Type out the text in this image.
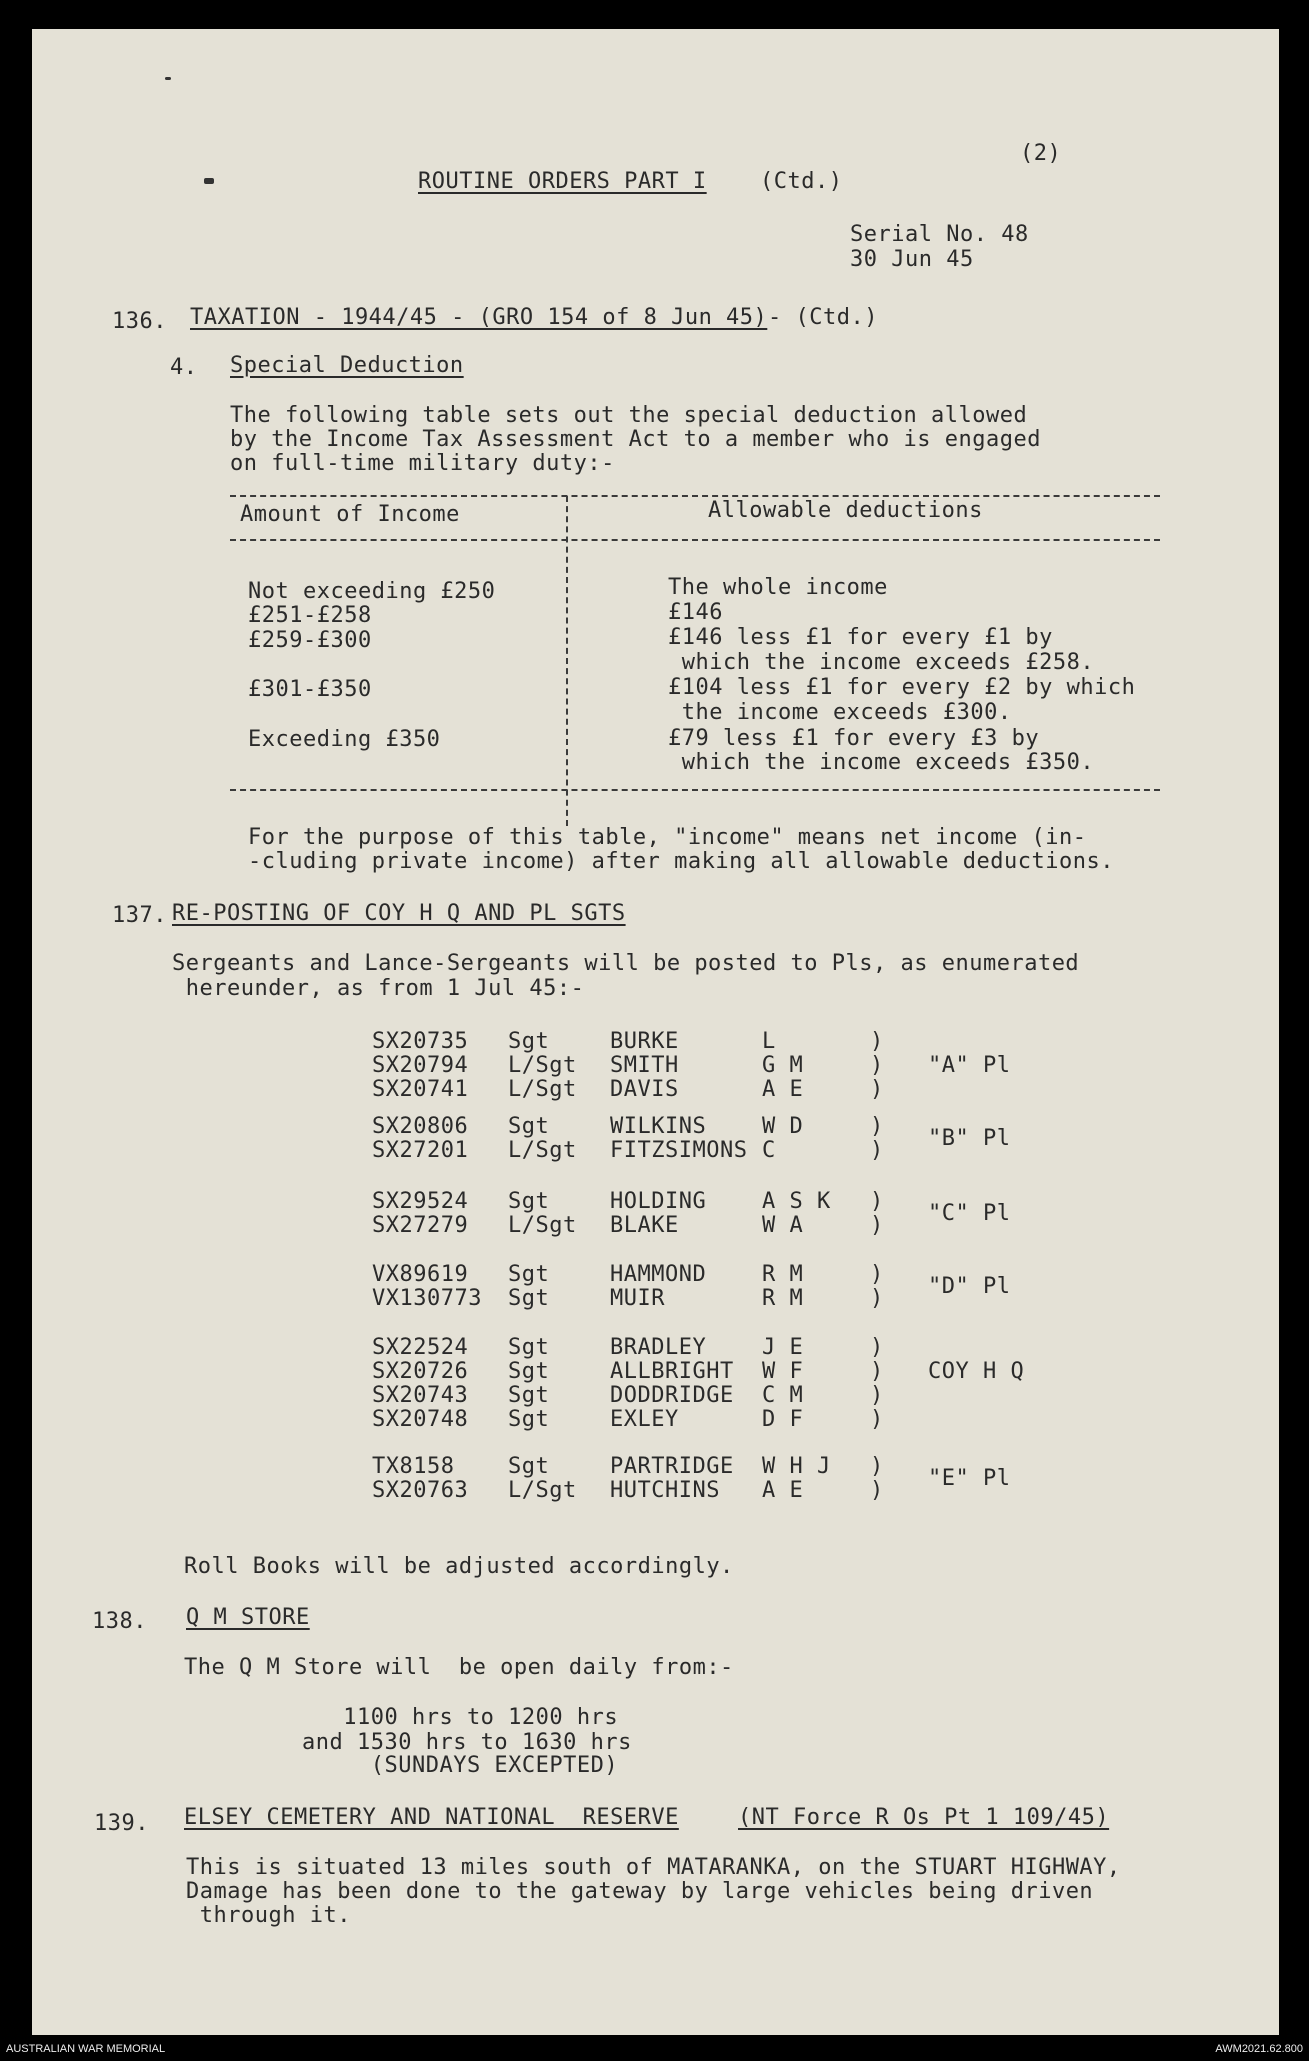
(2)
ROUTINE ORDERS PART I (Ctd.)
Serial No. 48
30 Jun 45
136. TAXATION - 1944/45 - (GRO 154 of 8 Jun 45) - (Ctd.)
4. Special Deduction
The following table sets out the special deduction allowed
by the Income Tax Assessment Act to a member who is engaged
on full-time military duty:-
Amount of Income	Allowable deductions
Not exceeding £250	The whole income
£251-£258	£146
£259-£300	£146 less £1 for every £1 by
which the income exceeds £258.
£301-£350	£104 less £1 for every £2 by which
the income exceeds £300.
Exceeding £350	£79 less £1 for every £3 by
which the income exceeds £350.
For the purpose of this table, "income" means net income (in-
-cluding private income) after making all allowable deductions.
137. RE-POSTING OF COY H Q AND PL SGTS
Sergeants and Lance-Sergeants will be posted to Pls, as enumerated
hereunder, as from 1 Jul 45:-
Roll Books will be adjusted accordingly.
138. Q M STORE
The Q M Store will  be open daily from:-
1100 hrs to 1200 hrs
and 1530 hrs to 1630 hrs
(SUNDAYS EXCEPTED)
139. ELSEY CEMETERY AND NATIONAL  RESERVE	(NT Force R Os Pt 1 109/45)
This is situated 13 miles south of MATARANKA, on the STUART HIGHWAY,
Damage has been done to the gateway by large vehicles being driven
through it.
SX20735 Sgt	BURKE	L	)
SX20794 L/Sgt SMITH	G M	)
SX20741 L/Sgt DAVIS	A E	)
"A" Pl
SX20806 Sgt	WILKINS	W D	)
SX27201 L/Sgt FITZSIMONS C	) "B" Pl
SX29524 Sgt	HOLDING	A S K )
SX27279 L/Sgt BLAKE	W A	) "C" Pl
VX89619 Sgt	HAMMOND	R M	)
VX130773 Sgt	MUIR	R M	) "D" Pl
SX22524 Sgt	BRADLEY	J E	)
SX20726 Sgt	ALLBRIGHT W F	)
SX20743 Sgt	DODDRIDGE C M	)
SX20748 Sgt	EXLEY	D F	)
COY H Q
TX8158 Sgt	PARTRIDGE W H J )
SX20763 L/Sgt HUTCHINS A E	) "E" Pl
AUSTRALIAN WAR MEMORIAL	AWM2021.62.800
